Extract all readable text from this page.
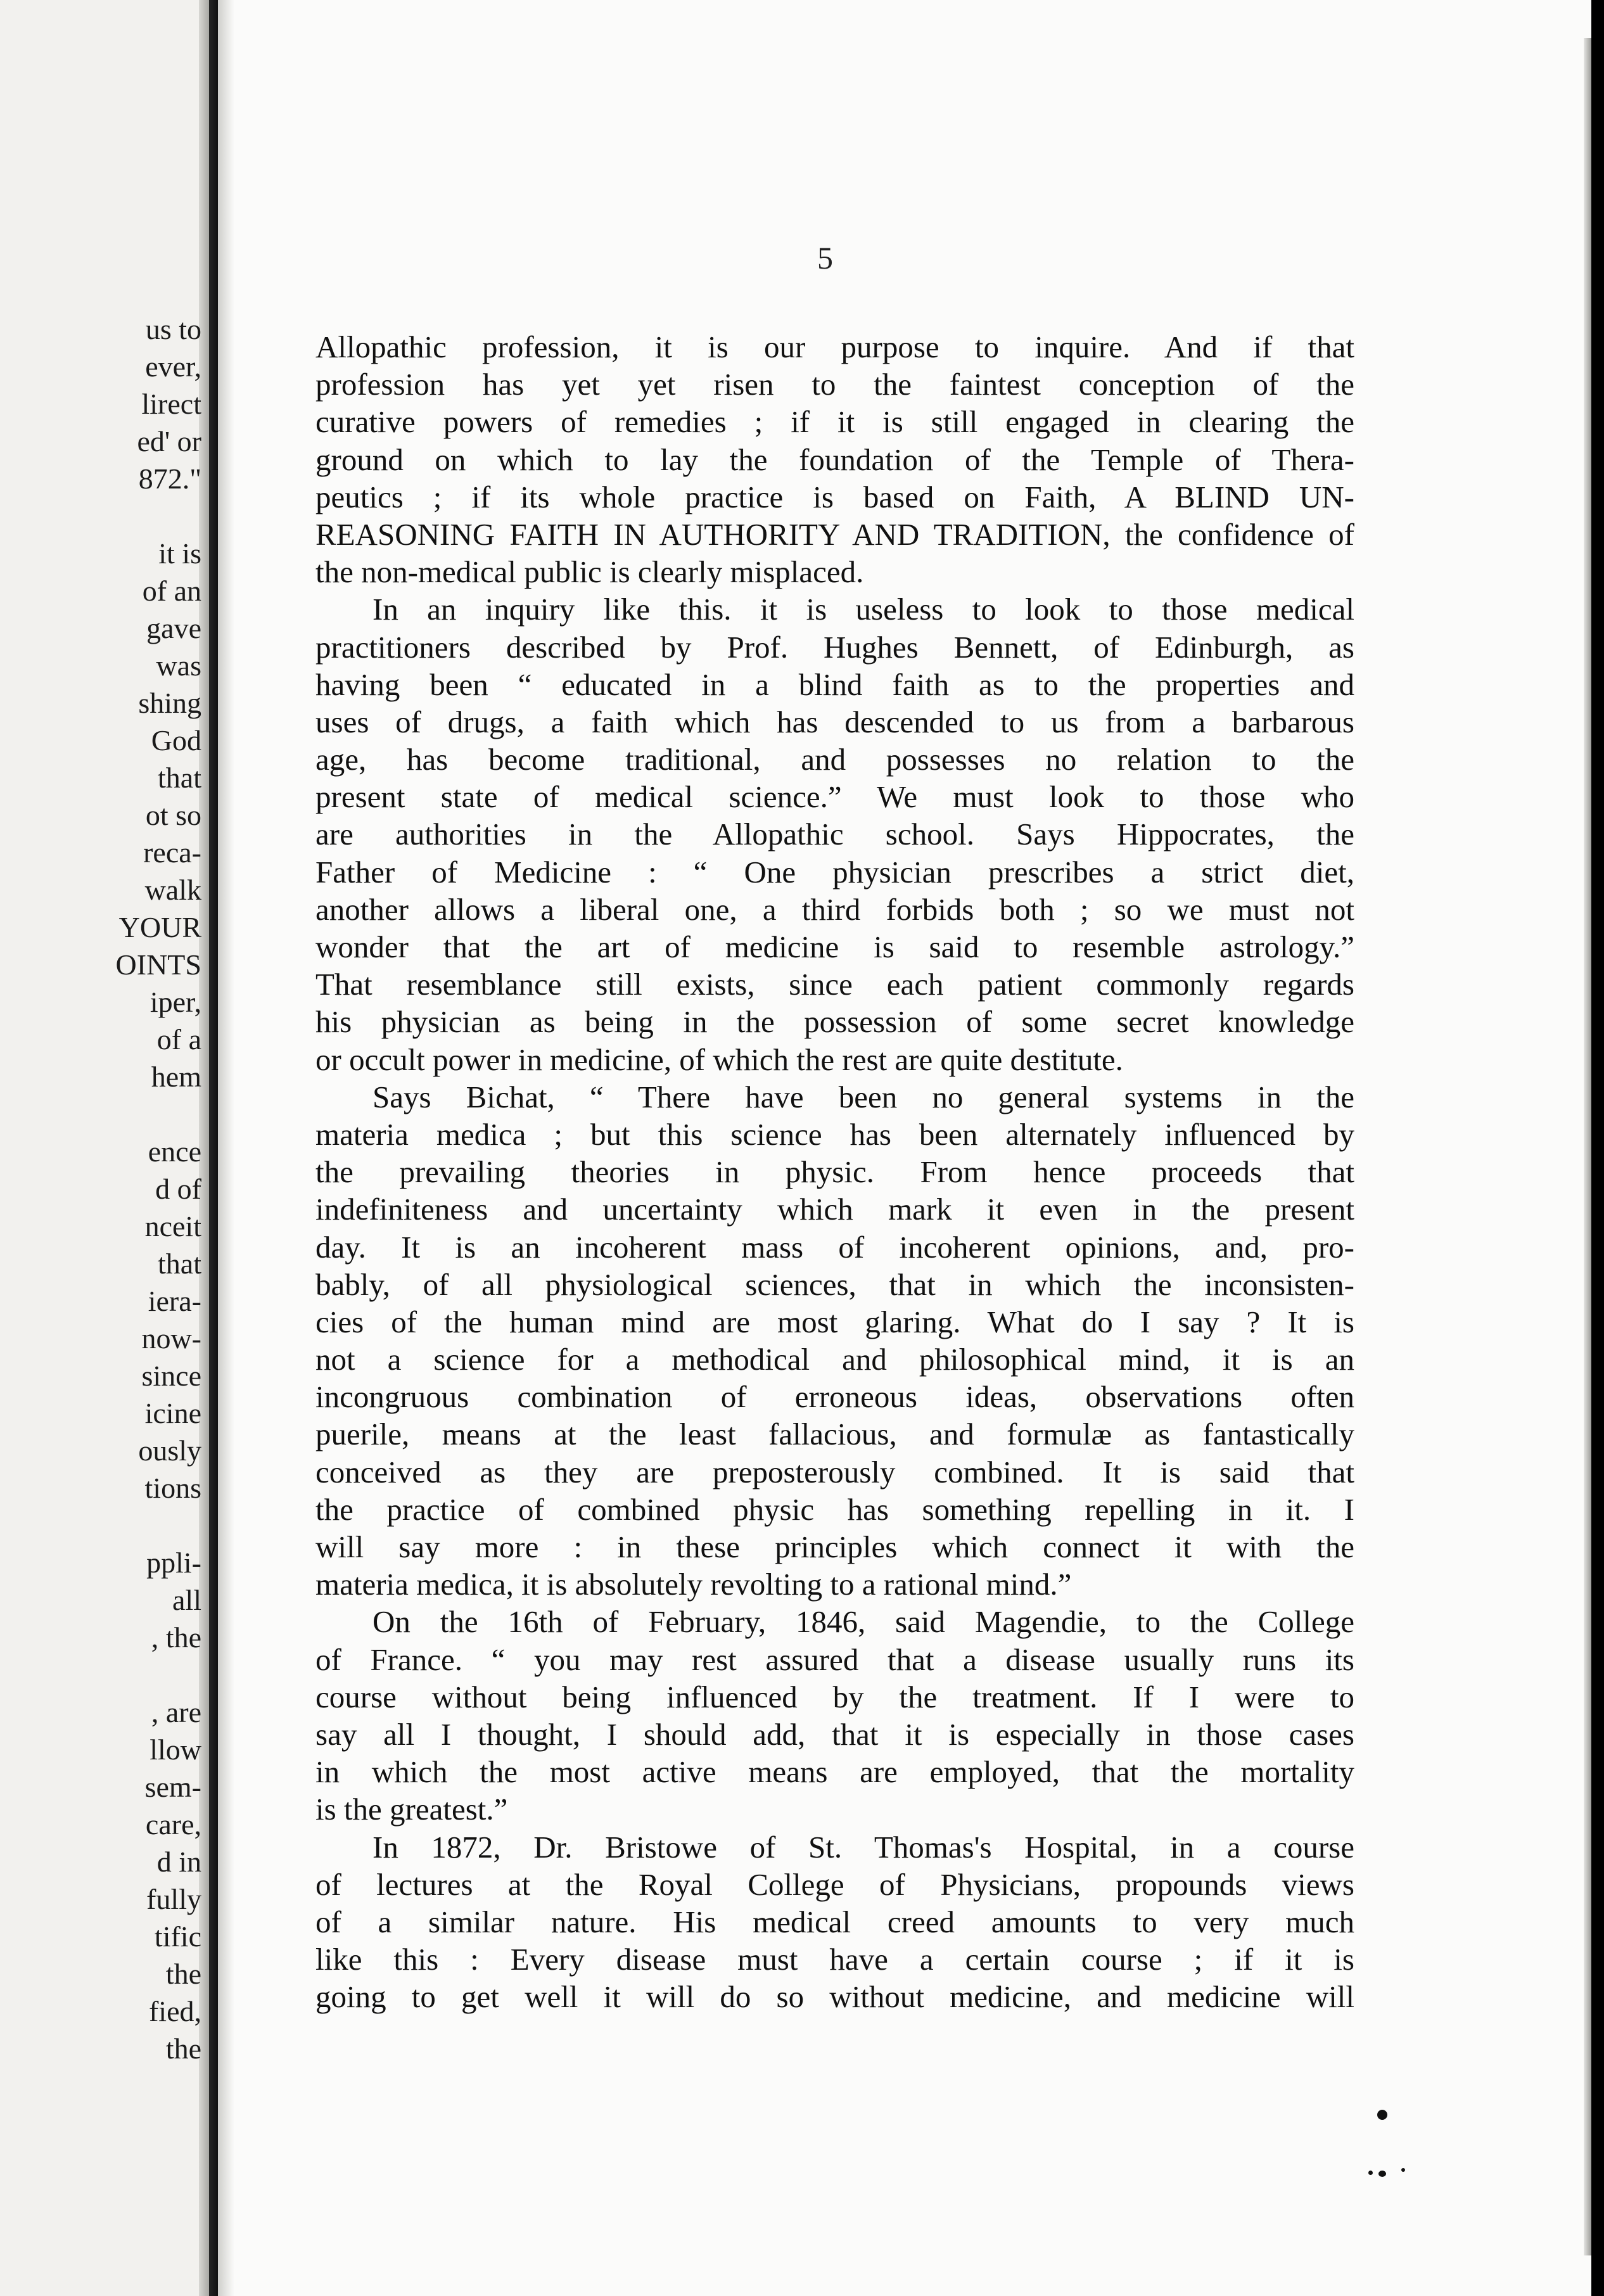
us to
ever,
lirect
ed' or
872."
it is
of an
gave
was
shing
God
that
ot so
reca-
walk
YOUR
OINTS
iper,
of a
hem
ence
d of
nceit
that
iera-
now-
since
icine
ously
tions
ppli-
all
, the
, are
llow
sem-
care,
d in
fully
tific
the
fied,
the
5
Allopathic profession, it is our purpose to inquire. And if that
profession has yet yet risen to the faintest conception of the
curative powers of remedies ; if it is still engaged in clearing the
ground on which to lay the foundation of the Temple of Thera-
peutics ; if its whole practice is based on Faith, A BLIND UN-
REASONING FAITH IN AUTHORITY AND TRADITION, the confidence of
the non-medical public is clearly misplaced.
In an inquiry like this. it is useless to look to those medical
practitioners described by Prof. Hughes Bennett, of Edinburgh, as
having been “ educated in a blind faith as to the properties and
uses of drugs, a faith which has descended to us from a barbarous
age, has become traditional, and possesses no relation to the
present state of medical science.” We must look to those who
are authorities in the Allopathic school. Says Hippocrates, the
Father of Medicine : “ One physician prescribes a strict diet,
another allows a liberal one, a third forbids both ; so we must not
wonder that the art of medicine is said to resemble astrology.”
That resemblance still exists, since each patient commonly regards
his physician as being in the possession of some secret knowledge
or occult power in medicine, of which the rest are quite destitute.
Says Bichat, “ There have been no general systems in the
materia medica ; but this science has been alternately influenced by
the prevailing theories in physic. From hence proceeds that
indefiniteness and uncertainty which mark it even in the present
day. It is an incoherent mass of incoherent opinions, and, pro-
bably, of all physiological sciences, that in which the inconsisten-
cies of the human mind are most glaring. What do I say ? It is
not a science for a methodical and philosophical mind, it is an
incongruous combination of erroneous ideas, observations often
puerile, means at the least fallacious, and formulæ as fantastically
conceived as they are preposterously combined. It is said that
the practice of combined physic has something repelling in it. I
will say more : in these principles which connect it with the
materia medica, it is absolutely revolting to a rational mind.”
On the 16th of February, 1846, said Magendie, to the College
of France. “ you may rest assured that a disease usually runs its
course without being influenced by the treatment. If I were to
say all I thought, I should add, that it is especially in those cases
in which the most active means are employed, that the mortality
is the greatest.”
In 1872, Dr. Bristowe of St. Thomas's Hospital, in a course
of lectures at the Royal College of Physicians, propounds views
of a similar nature. His medical creed amounts to very much
like this : Every disease must have a certain course ; if it is
going to get well it will do so without medicine, and medicine will
